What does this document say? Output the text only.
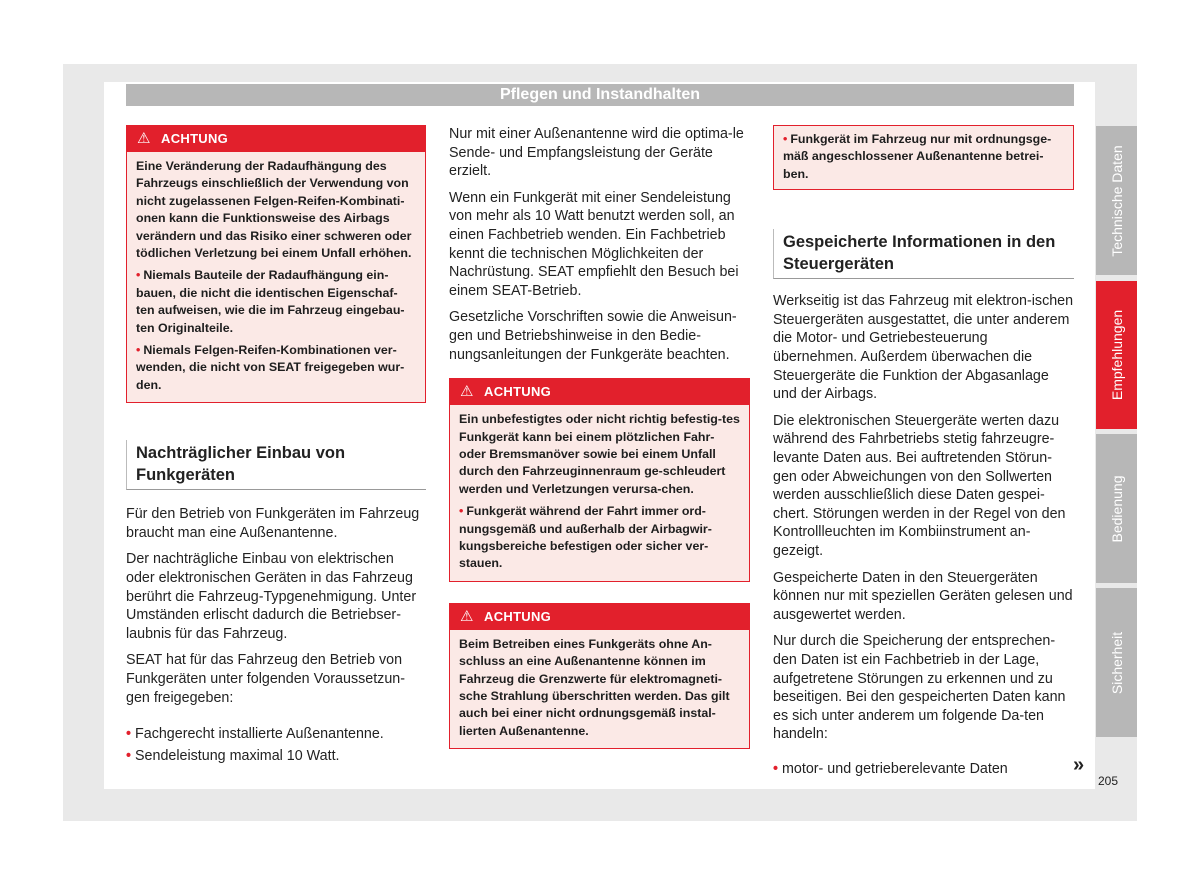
Pflegen und Instandhalten
⚠ ACHTUNG

Eine Veränderung der Radaufhängung des Fahrzeugs einschließlich der Verwendung von nicht zugelassenen Felgen-Reifen-Kombinati-onen kann die Funktionsweise des Airbags verändern und das Risiko einer schweren oder tödlichen Verletzung bei einem Unfall erhöhen.

• Niemals Bauteile der Radaufhängung ein-bauen, die nicht die identischen Eigenschaf-ten aufweisen, wie die im Fahrzeug eingebau-ten Originalteile.

• Niemals Felgen-Reifen-Kombinationen ver-wenden, die nicht von SEAT freigegeben wur-den.

Nachträglicher Einbau von Funkgeräten

Für den Betrieb von Funkgeräten im Fahrzeug braucht man eine Außenantenne.

Der nachträgliche Einbau von elektrischen oder elektronischen Geräten in das Fahrzeug berührt die Fahrzeug-Typgenehmigung. Unter Umständen erlischt dadurch die Betriebser-laubnis für das Fahrzeug.

SEAT hat für das Fahrzeug den Betrieb von Funkgeräten unter folgenden Voraussetzun-gen freigegeben:

• Fachgerecht installierte Außenantenne.

• Sendeleistung maximal 10 Watt.

Nur mit einer Außenantenne wird die optima-le Sende- und Empfangsleistung der Geräte erzielt.

Wenn ein Funkgerät mit einer Sendeleistung von mehr als 10 Watt benutzt werden soll, an einen Fachbetrieb wenden. Ein Fachbetrieb kennt die technischen Möglichkeiten der Nachrüstung. SEAT empfiehlt den Besuch bei einem SEAT-Betrieb.

Gesetzliche Vorschriften sowie die Anweisun-gen und Betriebshinweise in den Bedie-nungsanleitungen der Funkgeräte beachten.

⚠ ACHTUNG

Ein unbefestigtes oder nicht richtig befestig-tes Funkgerät kann bei einem plötzlichen Fahr- oder Bremsmanöver sowie bei einem Unfall durch den Fahrzeuginnenraum ge-schleudert werden und Verletzungen verursa-chen.

• Funkgerät während der Fahrt immer ord-nungsgemäß und außerhalb der Airbagwir-kungsbereiche befestigen oder sicher ver-stauen.

⚠ ACHTUNG

Beim Betreiben eines Funkgeräts ohne An-schluss an eine Außenantenne können im Fahrzeug die Grenzwerte für elektromagneti-sche Strahlung überschritten werden. Das gilt auch bei einer nicht ordnungsgemäß instal-lierten Außenantenne.

• Funkgerät im Fahrzeug nur mit ordnungsge-mäß angeschlossener Außenantenne betrei-ben.

Gespeicherte Informationen in den Steuergeräten

Werkseitig ist das Fahrzeug mit elektron-ischen Steuergeräten ausgestattet, die unter anderem die Motor- und Getriebesteuerung übernehmen. Außerdem überwachen die Steuergeräte die Funktion der Abgasanlage und der Airbags.

Die elektronischen Steuergeräte werten dazu während des Fahrbetriebs stetig fahrzeugre-levante Daten aus. Bei auftretenden Störun-gen oder Abweichungen von den Sollwerten werden ausschließlich diese Daten gespei-chert. Störungen werden in der Regel von den Kontrollleuchten im Kombiinstrument an-gezeigt.

Gespeicherte Daten in den Steuergeräten können nur mit speziellen Geräten gelesen und ausgewertet werden.

Nur durch die Speicherung der entsprechen-den Daten ist ein Fachbetrieb in der Lage, aufgetretene Störungen zu erkennen und zu beseitigen. Bei den gespeicherten Daten kann es sich unter anderem um folgende Da-ten handeln:

• motor- und getrieberelevante Daten

Technische Daten
Empfehlungen
Bedienung
Sicherheit
»
205
